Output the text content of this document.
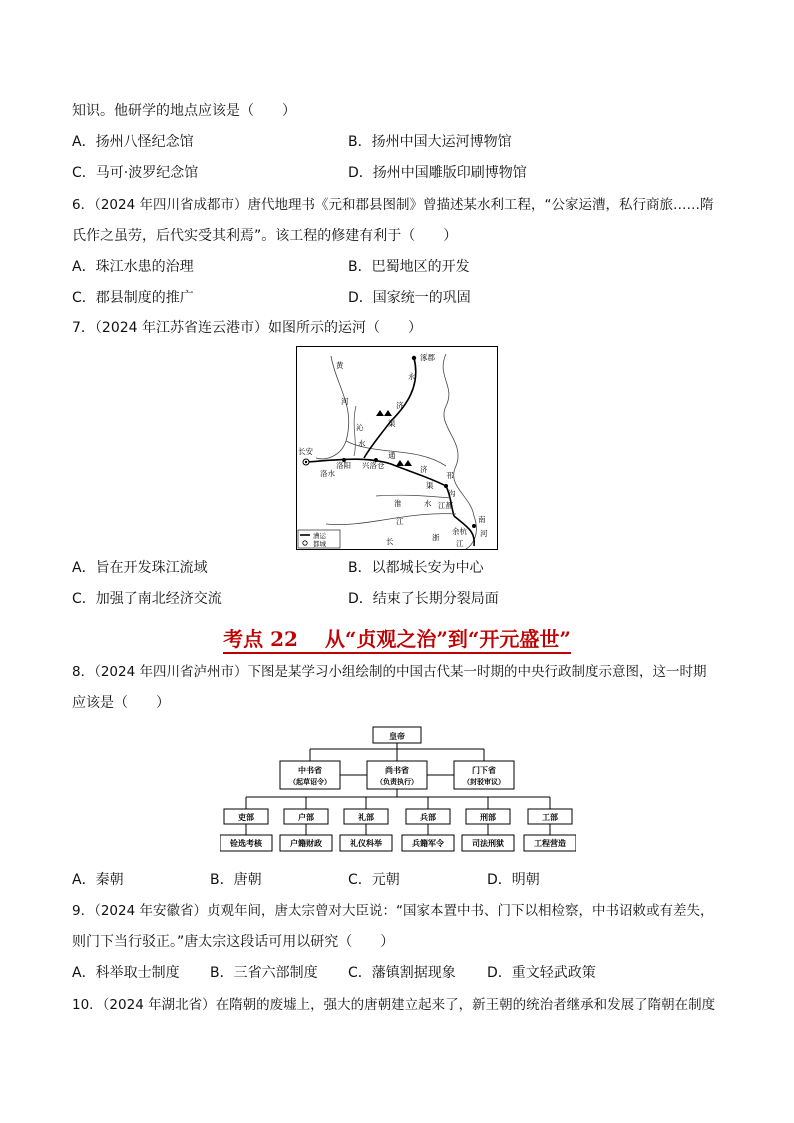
知识。他研学的地点应该是（　　）
A．扬州八怪纪念馆	B．扬州中国大运河博物馆
C．马可·波罗纪念馆	D．扬州中国雕版印刷博物馆
6．（2024 年四川省成都市）唐代地理书《元和郡县图制》曾描述某水利工程，“公家运漕，私行商旅……隋
氏作之虽劳，后代实受其利焉”。该工程的修建有利于（　　）
A．珠江水患的治理	B．巴蜀地区的开发
C．郡县制度的推广	D．国家统一的巩固
7．（2024 年江苏省连云港市）如图所示的运河（　　）
涿郡
黄
河
永
济
渠
沁
水
长安
洛水
洛阳 兴洛仓
通
济
渠
淮	水
邗
沟
江都
江
余杭
南
河
长	浙
江
漕运
都城
A．旨在开发珠江流域	B．以都城长安为中心
C．加强了南北经济交流	D．结束了长期分裂局面
考点 22　 从“贞观之治”到“开元盛世”
8．（2024 年四川省泸州市）下图是某学习小组绘制的中国古代某一时期的中央行政制度示意图，这一时期
应该是（　　）
皇帝
中书省
（起草诏令）
尚书省
（负责执行）
门下省
（封驳审议）
吏部	户部	礼部	兵部	刑部	工部
铨选考核	户籍财政	礼仪科举	兵籍军令	司法刑狱	工程营造
A．秦朝	B．唐朝	C．元朝	D．明朝
9．（2024 年安徽省）贞观年间，唐太宗曾对大臣说：“国家本置中书、门下以相检察，中书诏敕或有差失，
则门下当行驳正。”唐太宗这段话可用以研究（　　）
A．科举取士制度 B．三省六部制度 C．藩镇割据现象 D．重文轻武政策
10．（2024 年湖北省）在隋朝的废墟上，强大的唐朝建立起来了，新王朝的统治者继承和发展了隋朝在制度
